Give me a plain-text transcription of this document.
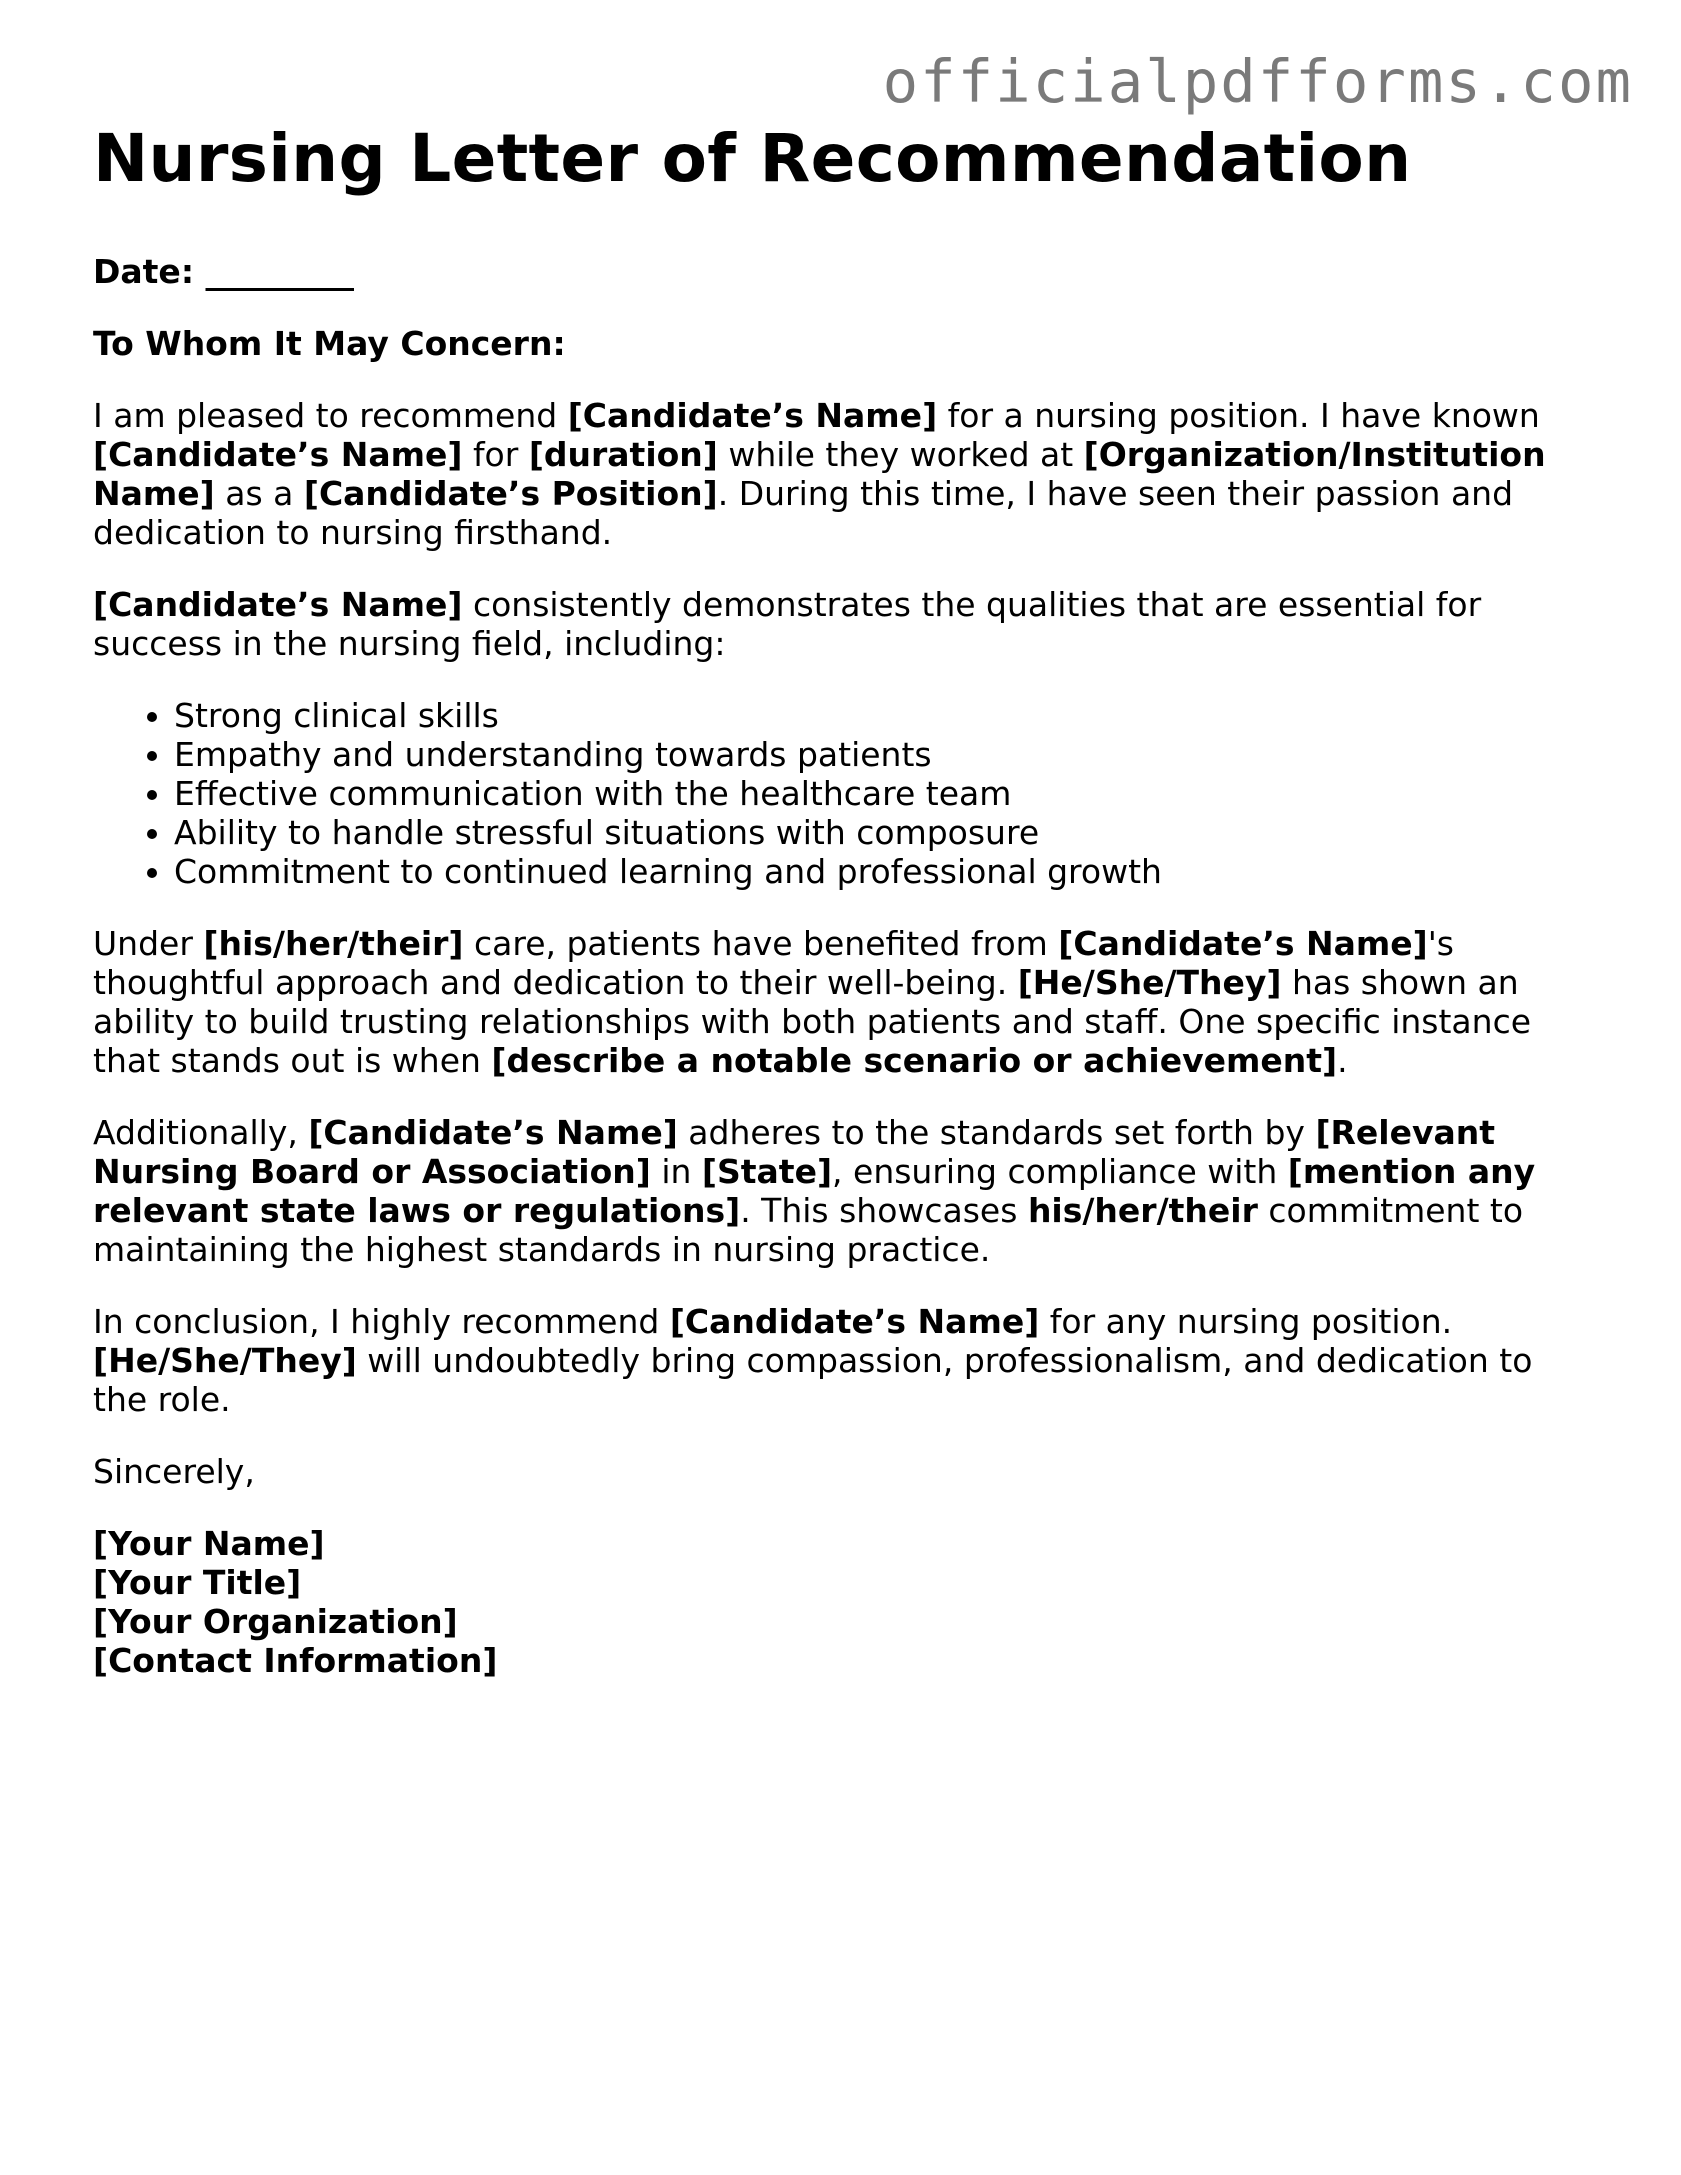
officialpdfforms.com
Nursing Letter of Recommendation

Date: _________

To Whom It May Concern:

I am pleased to recommend [Candidate’s Name] for a nursing position. I have known [Candidate’s Name] for [duration] while they worked at [Organization/Institution Name] as a [Candidate’s Position]. During this time, I have seen their passion and dedication to nursing firsthand.

[Candidate’s Name] consistently demonstrates the qualities that are essential for success in the nursing field, including:

• Strong clinical skills
• Empathy and understanding towards patients
• Effective communication with the healthcare team
• Ability to handle stressful situations with composure
• Commitment to continued learning and professional growth

Under [his/her/their] care, patients have benefited from [Candidate’s Name]'s thoughtful approach and dedication to their well-being. [He/She/They] has shown an ability to build trusting relationships with both patients and staff. One specific instance that stands out is when [describe a notable scenario or achievement].

Additionally, [Candidate’s Name] adheres to the standards set forth by [Relevant Nursing Board or Association] in [State], ensuring compliance with [mention any relevant state laws or regulations]. This showcases his/her/their commitment to maintaining the highest standards in nursing practice.

In conclusion, I highly recommend [Candidate’s Name] for any nursing position. [He/She/They] will undoubtedly bring compassion, professionalism, and dedication to the role.

Sincerely,

[Your Name]
[Your Title]
[Your Organization]
[Contact Information]
